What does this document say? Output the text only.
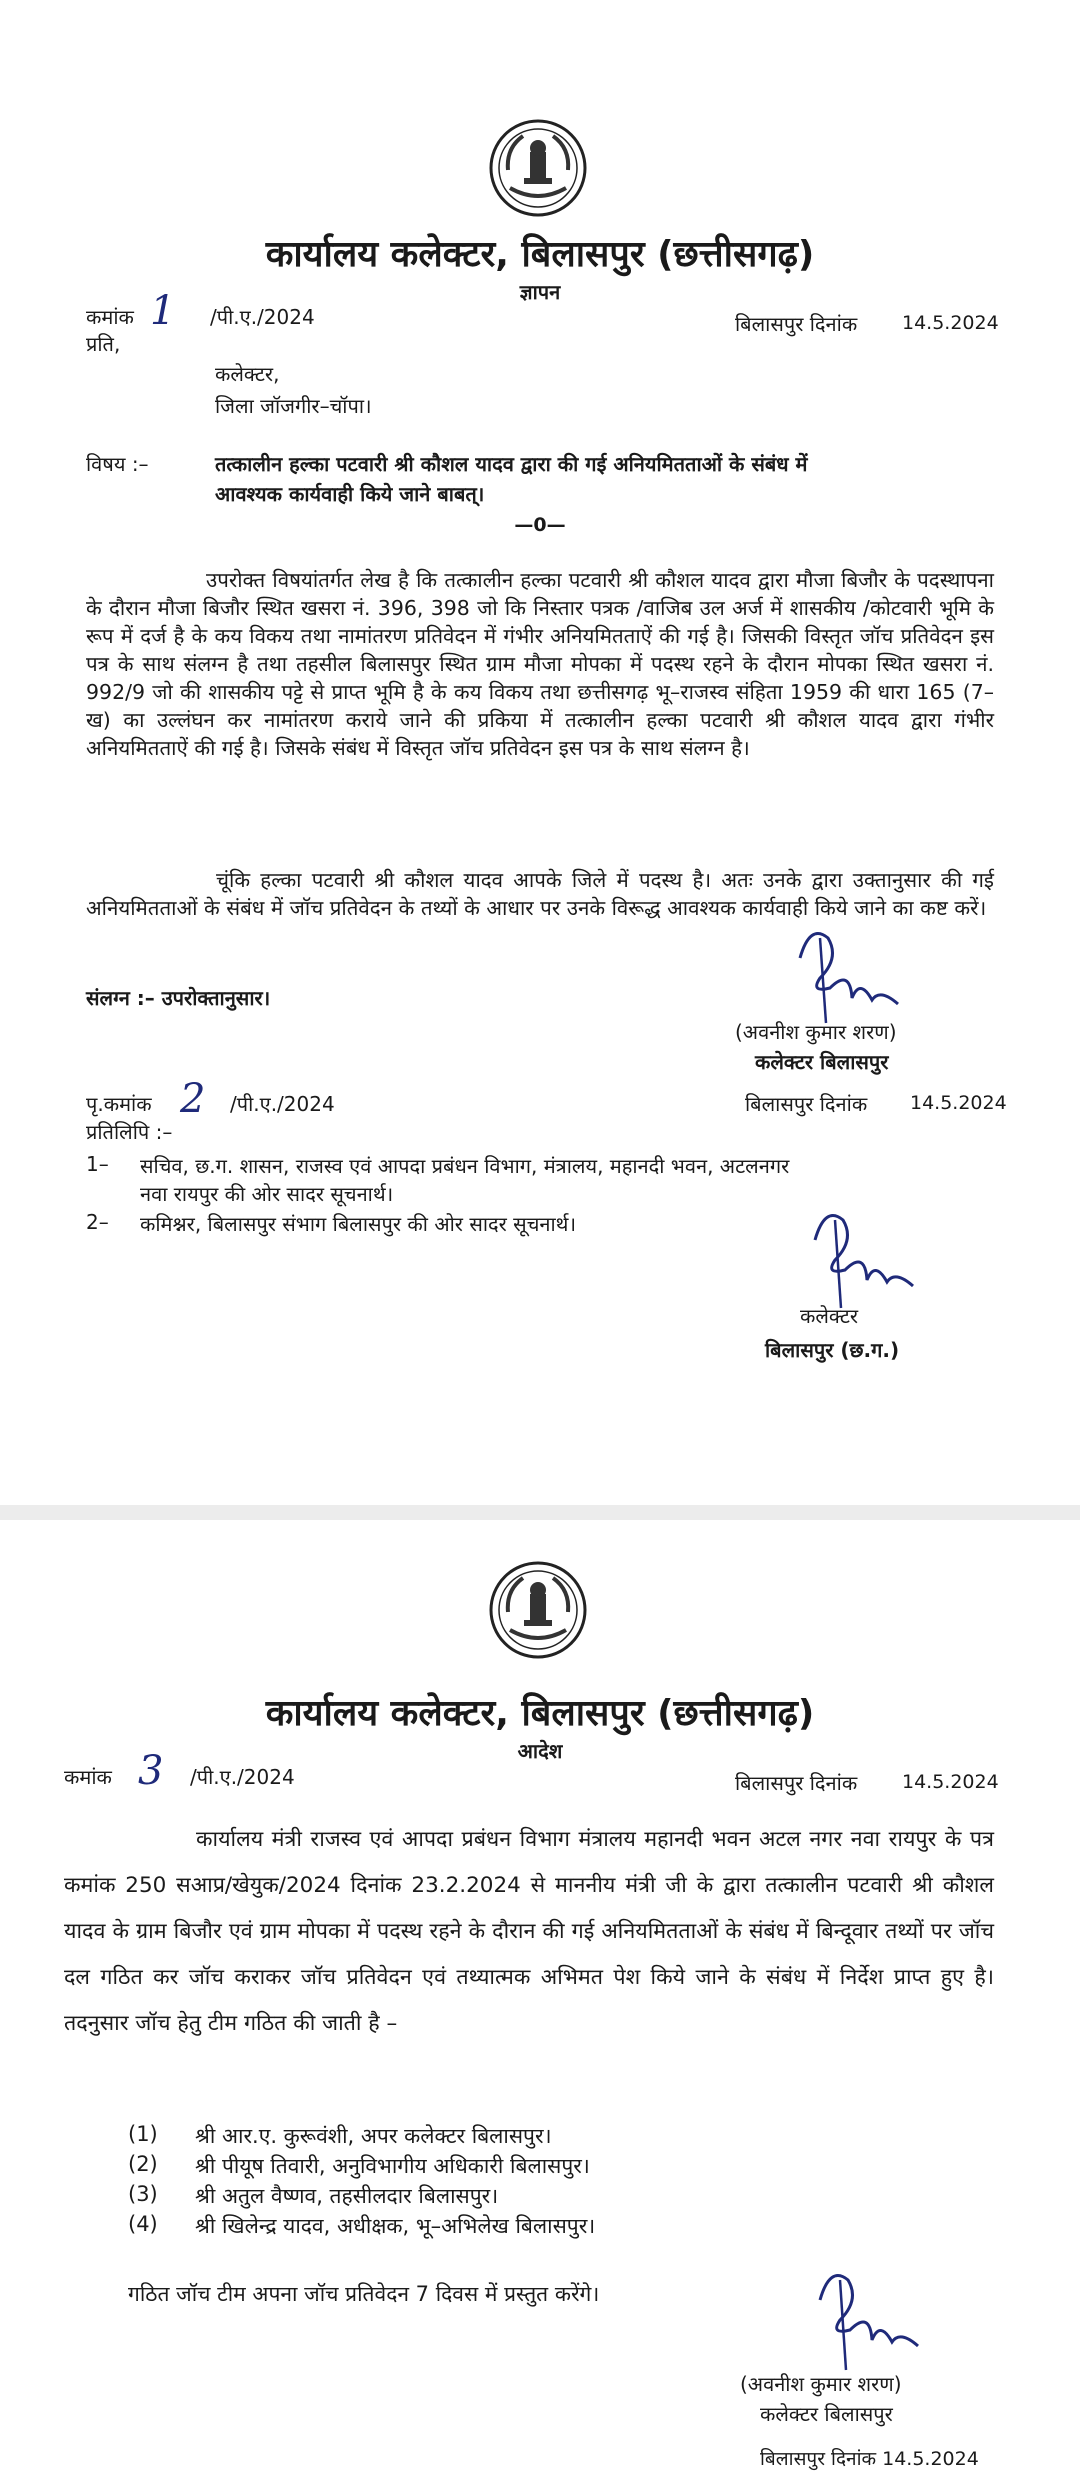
कार्यालय कलेक्टर, बिलासपुर (छत्तीसगढ़)
ज्ञापन
कमांक 1 /पी.ए./2024	बिलासपुर दिनांक 14.5.2024
प्रति,
कलेक्टर,
जिला जॉजगीर–चॉपा।
विषय :–	तत्कालीन हल्का पटवारी श्री कौशल यादव द्वारा की गई अनियमितताओं के संबंध में
आवश्यक कार्यवाही किये जाने बाबत्।
—0—
उपरोक्त विषयांतर्गत लेख है कि तत्कालीन हल्का पटवारी श्री कौशल यादव द्वारा मौजा बिजौर के पदस्थापना के दौरान मौजा बिजौर स्थित खसरा नं. 396, 398 जो कि निस्तार पत्रक /वाजिब उल अर्ज में शासकीय /कोटवारी भूमि के रूप में दर्ज है के कय विकय तथा नामांतरण प्रतिवेदन में गंभीर अनियमितताऐं की गई है। जिसकी विस्तृत जॉच प्रतिवेदन इस पत्र के साथ संलग्न है तथा तहसील बिलासपुर स्थित ग्राम मौजा मोपका में पदस्थ रहने के दौरान मोपका स्थित खसरा नं. 992/9 जो की शासकीय पट्टे से प्राप्त भूमि है के कय विकय तथा छत्तीसगढ़ भू–राजस्व संहिता 1959 की धारा 165 (7–ख) का उल्लंघन कर नामांतरण कराये जाने की प्रकिया में तत्कालीन हल्का पटवारी श्री कौशल यादव द्वारा गंभीर अनियमितताऐं की गई है। जिसके संबंध में विस्तृत जॉच प्रतिवेदन इस पत्र के साथ संलग्न है।
चूंकि हल्का पटवारी श्री कौशल यादव आपके जिले में पदस्थ है। अतः उनके द्वारा उक्तानुसार की गई अनियमितताओं के संबंध में जॉच प्रतिवेदन के तथ्यों के आधार पर उनके विरूद्ध आवश्यक कार्यवाही किये जाने का कष्ट करें।
संलग्न :– उपरोक्तानुसार।
(अवनीश कुमार शरण)
कलेक्टर बिलासपुर
पृ.कमांक 2 /पी.ए./2024	बिलासपुर दिनांक 14.5.2024
प्रतिलिपि :–
1– सचिव, छ.ग. शासन, राजस्व एवं आपदा प्रबंधन विभाग, मंत्रालय, महानदी भवन, अटलनगर
नवा रायपुर की ओर सादर सूचनार्थ।
2– कमिश्नर, बिलासपुर संभाग बिलासपुर की ओर सादर सूचनार्थ।
कलेक्टर
बिलासपुर (छ.ग.)
कार्यालय कलेक्टर, बिलासपुर (छत्तीसगढ़)
आदेश
कमांक 3 /पी.ए./2024	बिलासपुर दिनांक 14.5.2024
कार्यालय मंत्री राजस्व एवं आपदा प्रबंधन विभाग मंत्रालय महानदी भवन अटल नगर नवा रायपुर के पत्र कमांक 250 सआप्र/खेयुक/2024 दिनांक 23.2.2024 से माननीय मंत्री जी के द्वारा तत्कालीन पटवारी श्री कौशल यादव के ग्राम बिजौर एवं ग्राम मोपका में पदस्थ रहने के दौरान की गई अनियमितताओं के संबंध में बिन्दूवार तथ्यों पर जॉच दल गठित कर जॉच कराकर जॉच प्रतिवेदन एवं तथ्यात्मक अभिमत पेश किये जाने के संबंध में निर्देश प्राप्त हुए है। तदनुसार जॉच हेतु टीम गठित की जाती है –
(1) श्री आर.ए. कुरूवंशी, अपर कलेक्टर बिलासपुर।
(2) श्री पीयूष तिवारी, अनुविभागीय अधिकारी बिलासपुर।
(3) श्री अतुल वैष्णव, तहसीलदार बिलासपुर।
(4) श्री खिलेन्द्र यादव, अधीक्षक, भू–अभिलेख बिलासपुर।
गठित जॉच टीम अपना जॉच प्रतिवेदन 7 दिवस में प्रस्तुत करेंगे।
(अवनीश कुमार शरण)
कलेक्टर बिलासपुर
बिलासपुर दिनांक 14.5.2024
